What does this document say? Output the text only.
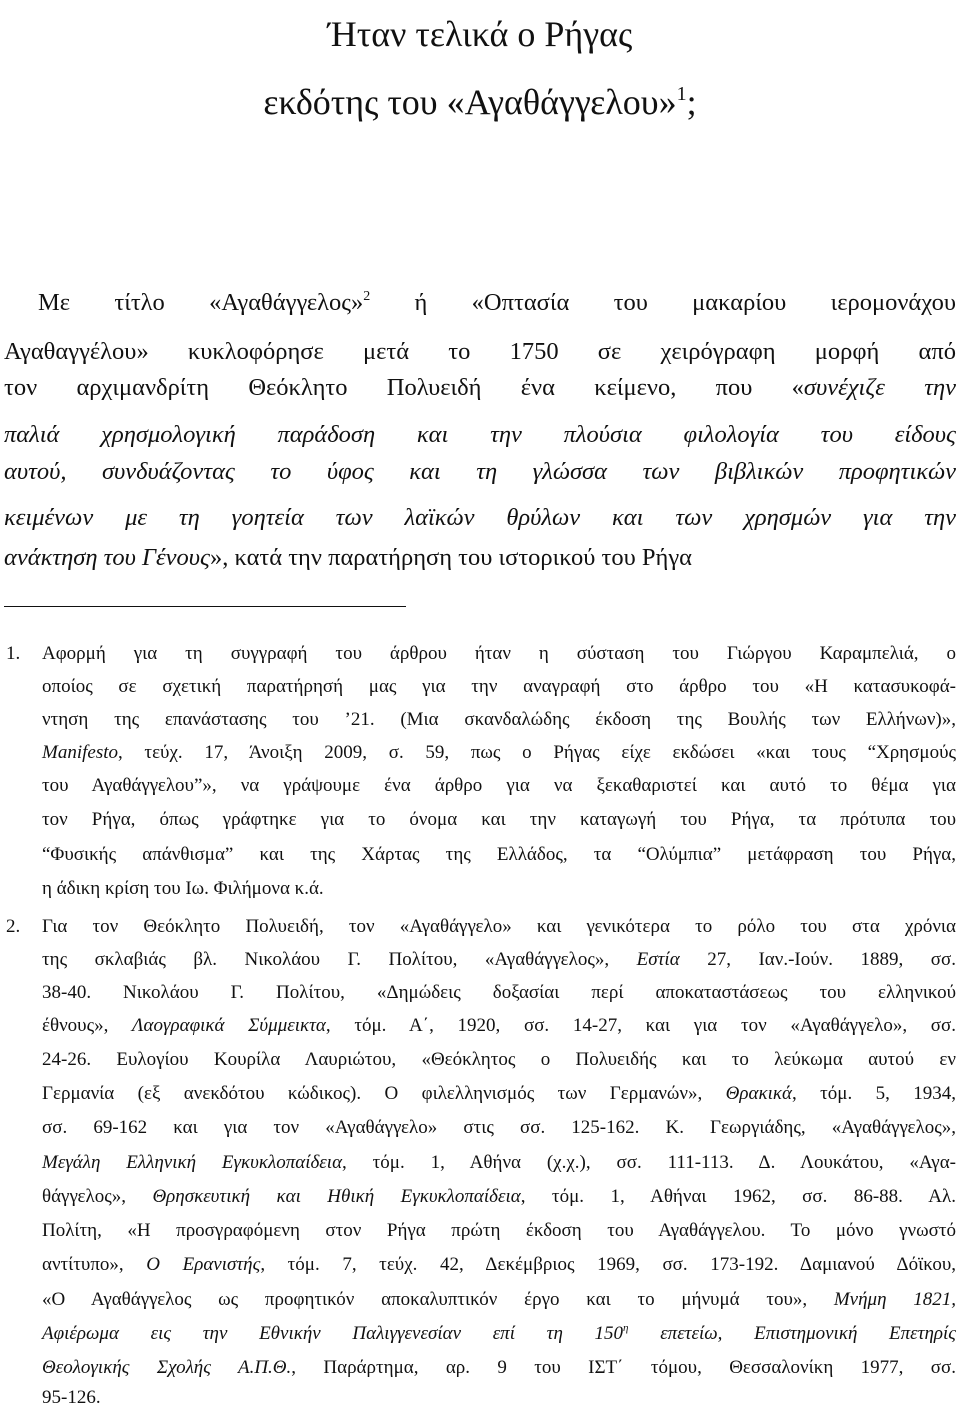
Ήταν τελικά ο Ρήγας
εκδότης του «Αγαθάγγελου»$^1$;
Με τίτλο «Αγαθάγγελος»$^2$ ή «Οπτασία του μακαρίου ιερομονάχου
Αγαθαγγέλου» κυκλοφόρησε μετά το 1750 σε χειρόγραφη μορφή από
τον αρχιμανδρίτη Θεόκλητο Πολυειδή ένα κείμενο, που «συνέχιζε την
παλιά χρησμολογική παράδοση και την πλούσια φιλολογία του είδους
αυτού, συνδυάζοντας το ύφος και τη γλώσσα των βιβλικών προφητικών
κειμένων με τη γοητεία των λαϊκών θρύλων και των χρησμών για την
ανάκτηση του Γένους», κατά την παρατήρηση του ιστορικού του Ρήγα
1. Αφορμή για τη συγγραφή του άρθρου ήταν η σύσταση του Γιώργου Καραμπελιά, ο
οποίος σε σχετική παρατήρησή μας για την αναγραφή στο άρθρο του «Η κατασυκοφά-
ντηση της επανάστασης του ’21. (Μια σκανδαλώδης έκδοση της Βουλής των Ελλήνων)»,
Manifesto, τεύχ. 17, Άνοιξη 2009, σ. 59, πως ο Ρήγας είχε εκδώσει «και τους “Χρησμούς
του Αγαθάγγελου”», να γράψουμε ένα άρθρο για να ξεκαθαριστεί και αυτό το θέμα για
τον Ρήγα, όπως γράφτηκε για το όνομα και την καταγωγή του Ρήγα, τα πρότυπα του
“Φυσικής απάνθισμα” και της Χάρτας της Ελλάδος, τα “Ολύμπια” μετάφραση του Ρήγα,
η άδικη κρίση του Ιω. Φιλήμονα κ.ά.
2. Για τον Θεόκλητο Πολυειδή, τον «Αγαθάγγελο» και γενικότερα το ρόλο του στα χρόνια
της σκλαβιάς βλ. Νικολάου Γ. Πολίτου, «Αγαθάγγελος», Εστία 27, Ιαν.-Ιούν. 1889, σσ.
38-40. Νικολάου Γ. Πολίτου, «Δημώδεις δοξασίαι περί αποκαταστάσεως του ελληνικού
έθνους», Λαογραφικά Σύμμεικτα, τόμ. Α΄, 1920, σσ. 14-27, και για τον «Αγαθάγγελο», σσ.
24-26. Ευλογίου Κουρίλα Λαυριώτου, «Θεόκλητος ο Πολυειδής και το λεύκωμα αυτού εν
Γερμανία (εξ ανεκδότου κώδικος). Ο φιλελληνισμός των Γερμανών», Θρακικά, τόμ. 5, 1934,
σσ. 69-162 και για τον «Αγαθάγγελο» στις σσ. 125-162. Κ. Γεωργιάδης, «Αγαθάγγελος»,
Μεγάλη Ελληνική Εγκυκλοπαίδεια, τόμ. 1, Αθήνα (χ.χ.), σσ. 111-113. Δ. Λουκάτου, «Αγα-
θάγγελος», Θρησκευτική και Ηθική Εγκυκλοπαίδεια, τόμ. 1, Αθήναι 1962, σσ. 86-88. Αλ.
Πολίτη, «Η προσγραφόμενη στον Ρήγα πρώτη έκδοση του Αγαθάγγελου. Το μόνο γνωστό
αντίτυπο», Ο Ερανιστής, τόμ. 7, τεύχ. 42, Δεκέμβριος 1969, σσ. 173-192. Δαμιανού Δόϊκου,
«Ο Αγαθάγγελος ως προφητικόν αποκαλυπτικόν έργο και το μήνυμά του», Μνήμη 1821,
Αφιέρωμα εις την Εθνικήν Παλιγγενεσίαν επί τη $150^\eta$ επετείω, Επιστημονική Επετηρίς
Θεολογικής Σχολής Α.Π.Θ., Παράρτημα, αρ. 9 του ΙΣΤ΄ τόμου, Θεσσαλονίκη 1977, σσ.
95-126.
